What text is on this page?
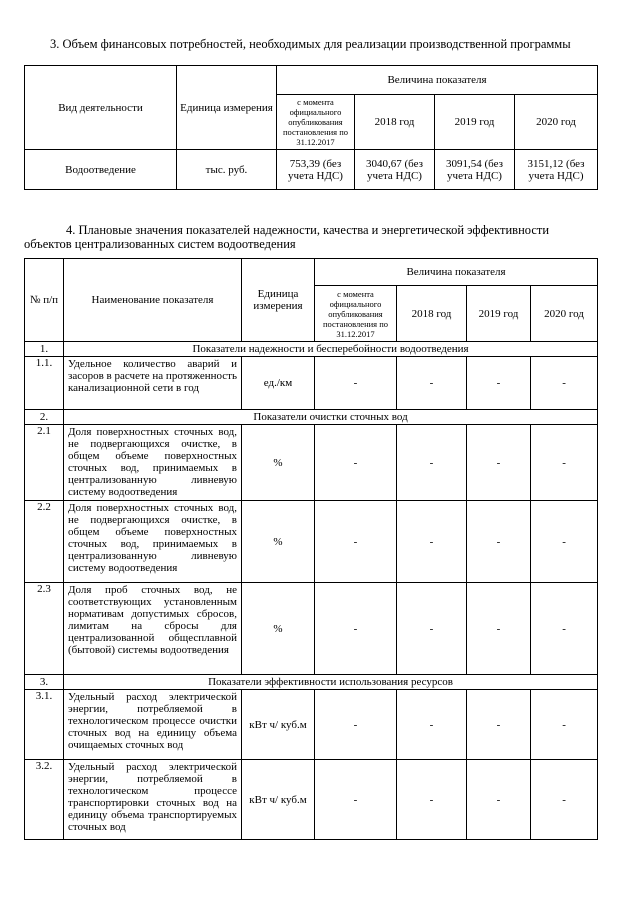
3. Объем финансовых потребностей, необходимых для реализации производственной программы
Вид деятельности	Единица измерения	Величина показателя			
		с момента официального опубликования постановления по 31.12.2017	2018 год	2019 год	2020 год
Водоотведение	тыс. руб.	753,39 (без учета НДС)	3040,67 (без учета НДС)	3091,54 (без учета НДС)	3151,12 (без учета НДС)
4. Плановые значения показателей надежности, качества и энергетической эффективности
объектов централизованных систем водоотведения
№ п/п	Наименование показателя	Единица измерения	Величина показателя			
			с момента официального опубликования постановления по 31.12.2017	2018 год	2019 год	2020 год
1.	Показатели надежности и бесперебойности водоотведения					
1.1.	Удельное количество аварий и засоров в расчете на протяженность канализационной сети в год	ед./км	-	-	-	-
2.	Показатели очистки сточных вод					
2.1	Доля поверхностных сточных вод, не подвергающихся очистке, в общем объеме поверхностных сточных вод, принимаемых в централизованную ливневую систему водоотведения	%	-	-	-	-
2.2	Доля поверхностных сточных вод, не подвергающихся очистке, в общем объеме поверхностных сточных вод, принимаемых в централизованную ливневую систему водоотведения	%	-	-	-	-
2.3	Доля проб сточных вод, не соответствующих установленным нормативам допустимых сбросов, лимитам на сбросы для централизованной общесплавной (бытовой) системы водоотведения	%	-	-	-	-
3.	Показатели эффективности использования ресурсов					
3.1.	Удельный расход электрической энергии, потребляемой в технологическом процессе очистки сточных вод на единицу объема очищаемых сточных вод	кВт ч/ куб.м	-	-	-	-
3.2.	Удельный расход электрической энергии, потребляемой в технологическом процессе транспортировки сточных вод на единицу объема транспортируемых сточных вод	кВт ч/ куб.м	-	-	-	-
